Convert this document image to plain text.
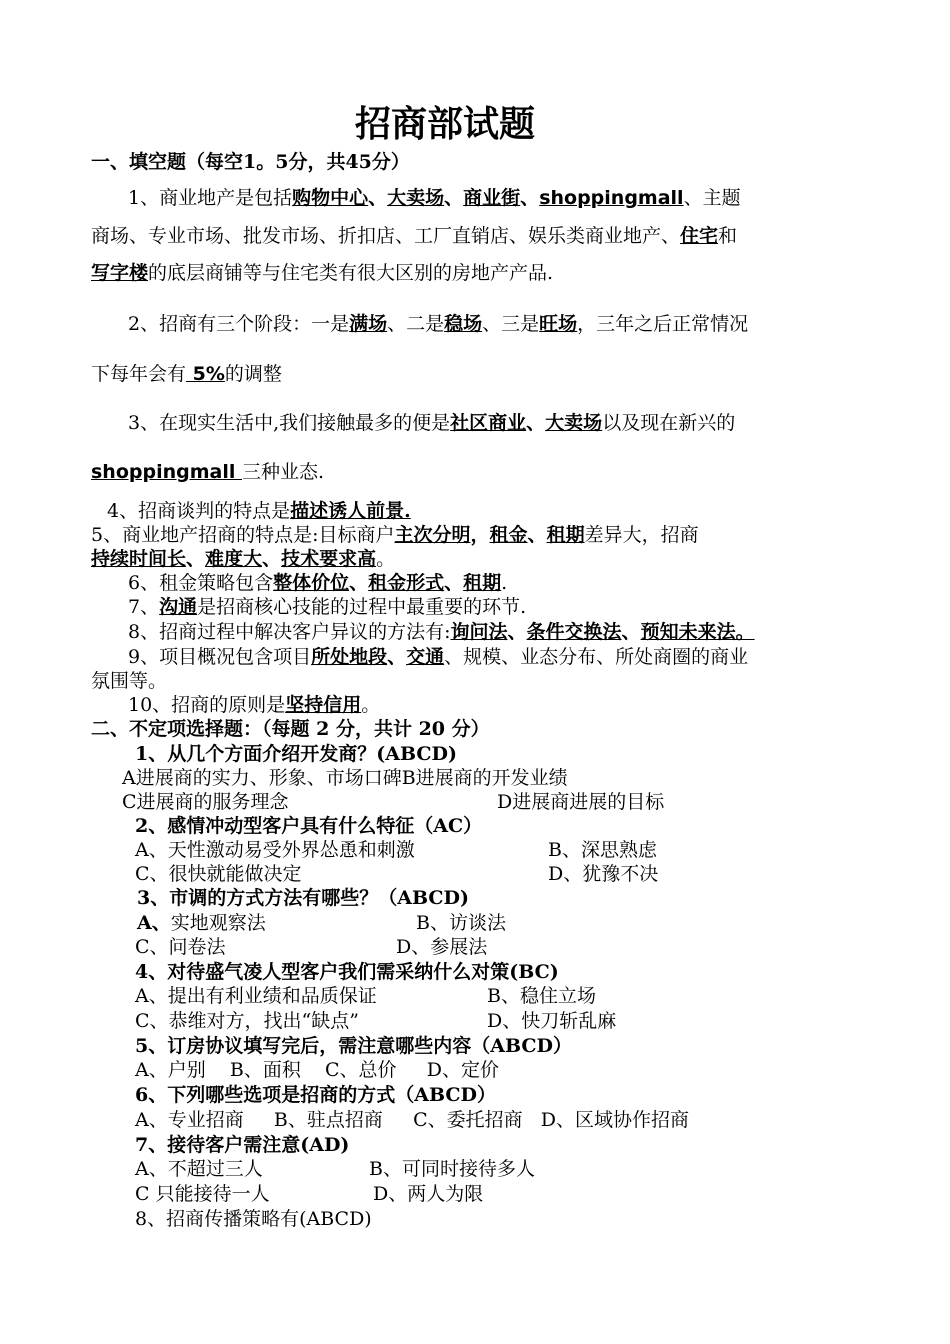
招商部试题
一、填空题（每空1。5分，共45分）
1、商业地产是包括购物中心、大卖场、商业街、shoppingmall、主题
商场、专业市场、批发市场、折扣店、工厂直销店、娱乐类商业地产、住宅和
写字楼的底层商铺等与住宅类有很大区别的房地产产品.
2、招商有三个阶段：一是满场、二是稳场、三是旺场，三年之后正常情况
下每年会有 5%的调整
3、在现实生活中,我们接触最多的便是社区商业、大卖场以及现在新兴的
shoppingmall 三种业态.
4、招商谈判的特点是描述诱人前景.
5、商业地产招商的特点是:目标商户主次分明，租金、租期差异大，招商
持续时间长、难度大、技术要求高。
6、租金策略包含整体价位、租金形式、租期.
7、沟通是招商核心技能的过程中最重要的环节.
8、招商过程中解决客户异议的方法有:询问法、条件交换法、预知未来法。
9、项目概况包含项目所处地段、交通、规模、业态分布、所处商圈的商业
氛围等。
10、招商的原则是坚持信用。
二、不定项选择题：（每题 2 分，共计 20 分）
1、从几个方面介绍开发商？(ABCD)
A进展商的实力、形象、市场口碑B进展商的开发业绩
C进展商的服务理念	D进展商进展的目标
2、感情冲动型客户具有什么特征（AC）
A、天性激动易受外界怂恿和刺激	B、深思熟虑
C、很快就能做决定	D、犹豫不决
3、市调的方式方法有哪些？（ABCD)
A、实地观察法	B、访谈法
C、问卷法	D、参展法
4、对待盛气凌人型客户我们需采纳什么对策(BC)
A、提出有利业绩和品质保证	B、稳住立场
C、恭维对方，找出“缺点”	D、快刀斩乱麻
5、订房协议填写完后，需注意哪些内容（ABCD）
A、户别    B、面积    C、总价     D、定价
6、下列哪些选项是招商的方式（ABCD）
A、专业招商     B、驻点招商     C、委托招商   D、区域协作招商
7、接待客户需注意(AD)
A、不超过三人	B、可同时接待多人
C 只能接待一人	D、两人为限
8、招商传播策略有(ABCD)
